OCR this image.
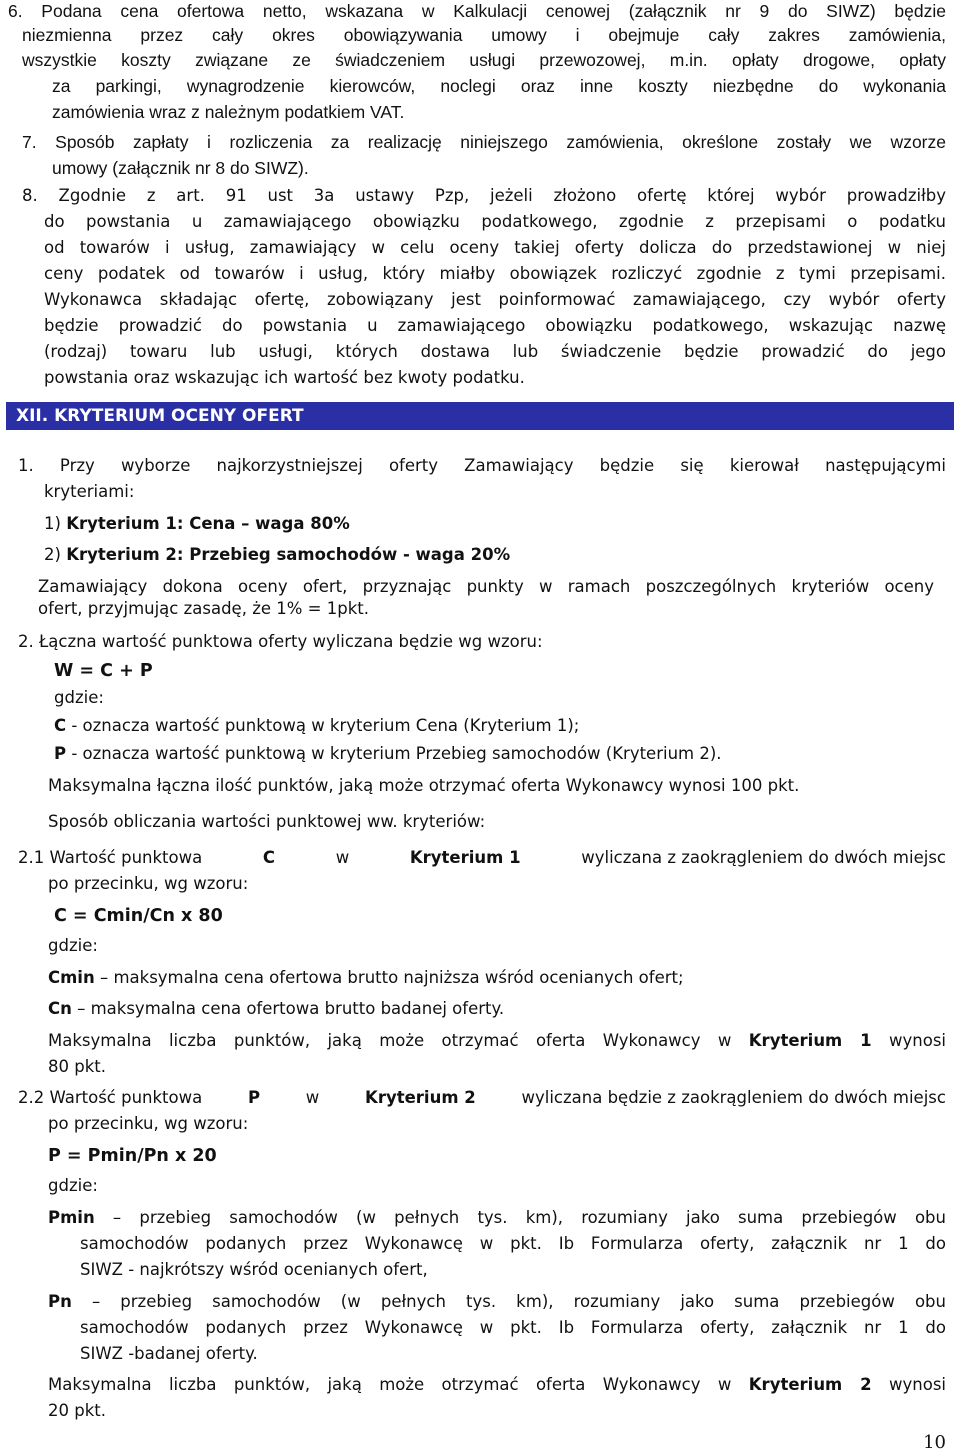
6. Podana cena ofertowa netto, wskazana w Kalkulacji cenowej (załącznik nr 9 do SIWZ) będzie
niezmienna przez cały okres obowiązywania umowy i obejmuje cały zakres zamówienia,
wszystkie koszty związane ze świadczeniem usługi przewozowej, m.in. opłaty drogowe, opłaty
za parkingi, wynagrodzenie kierowców, noclegi oraz inne koszty niezbędne do wykonania
zamówienia wraz z należnym podatkiem VAT.
7. Sposób zapłaty i rozliczenia za realizację niniejszego zamówienia, określone zostały we wzorze
umowy (załącznik nr 8 do SIWZ).
8. Zgodnie z art. 91 ust 3a ustawy Pzp, jeżeli złożono ofertę której wybór prowadziłby
do powstania u zamawiającego obowiązku podatkowego, zgodnie z przepisami o podatku
od towarów i usług, zamawiający w celu oceny takiej oferty dolicza do przedstawionej w niej
ceny podatek od towarów i usług, który miałby obowiązek rozliczyć zgodnie z tymi przepisami.
Wykonawca składając ofertę, zobowiązany jest poinformować zamawiającego, czy wybór oferty
będzie prowadzić do powstania u zamawiającego obowiązku podatkowego, wskazując nazwę
(rodzaj) towaru lub usługi, których dostawa lub świadczenie będzie prowadzić do jego
powstania oraz wskazując ich wartość bez kwoty podatku.
XII. KRYTERIUM OCENY OFERT
1. Przy wyborze najkorzystniejszej oferty Zamawiający będzie się kierował następującymi
kryteriami:
1) Kryterium 1: Cena – waga 80%
2) Kryterium 2: Przebieg samochodów - waga 20%
Zamawiający dokona oceny ofert, przyznając punkty w ramach poszczególnych kryteriów oceny
ofert, przyjmując zasadę, że 1% = 1pkt.
2. Łączna wartość punktowa oferty wyliczana będzie wg wzoru:
W = C + P
gdzie:
C - oznacza wartość punktową w kryterium Cena (Kryterium 1);
P - oznacza wartość punktową w kryterium Przebieg samochodów (Kryterium 2).
Maksymalna łączna ilość punktów, jaką może otrzymać oferta Wykonawcy wynosi 100 pkt.
Sposób obliczania wartości punktowej ww. kryteriów:
2.1 Wartość punktowa	C	w	Kryterium 1	wyliczana z zaokrągleniem do dwóch miejsc
po przecinku, wg wzoru:
C = Cmin/Cn x 80
gdzie:
Cmin – maksymalna cena ofertowa brutto najniższa wśród ocenianych ofert;
Cn – maksymalna cena ofertowa brutto badanej oferty.
Maksymalna liczba punktów, jaką może otrzymać oferta Wykonawcy w Kryterium 1 wynosi
80 pkt.
2.2 Wartość punktowa	P	w	Kryterium 2	wyliczana będzie z zaokrągleniem do dwóch miejsc
po przecinku, wg wzoru:
P = Pmin/Pn x 20
gdzie:
Pmin – przebieg samochodów (w pełnych tys. km), rozumiany jako suma przebiegów obu
samochodów podanych przez Wykonawcę w pkt. Ib Formularza oferty, załącznik nr 1 do
SIWZ - najkrótszy wśród ocenianych ofert,
Pn – przebieg samochodów (w pełnych tys. km), rozumiany jako suma przebiegów obu
samochodów podanych przez Wykonawcę w pkt. Ib Formularza oferty, załącznik nr 1 do
SIWZ -badanej oferty.
Maksymalna liczba punktów, jaką może otrzymać oferta Wykonawcy w Kryterium 2 wynosi
20 pkt.
10
